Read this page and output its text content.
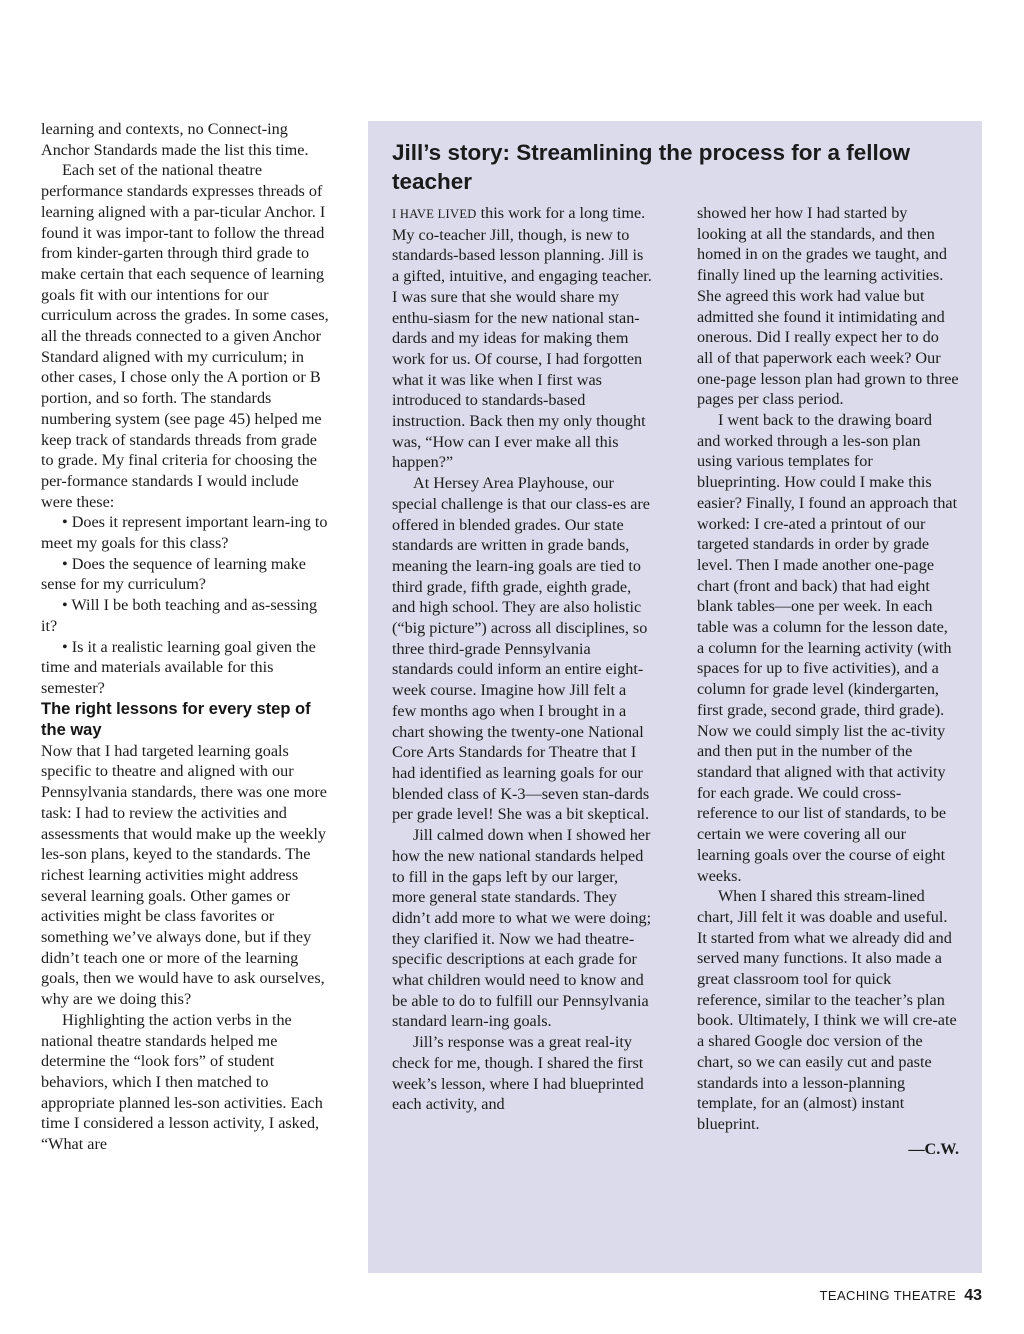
learning and contexts, no Connect-ing Anchor Standards made the list this time.

Each set of the national theatre performance standards expresses threads of learning aligned with a par-ticular Anchor. I found it was impor-tant to follow the thread from kinder-garten through third grade to make certain that each sequence of learning goals fit with our intentions for our curriculum across the grades. In some cases, all the threads connected to a given Anchor Standard aligned with my curriculum; in other cases, I chose only the A portion or B portion, and so forth. The standards numbering system (see page 45) helped me keep track of standards threads from grade to grade. My final criteria for choosing the per-formance standards I would include were these:

• Does it represent important learn-ing to meet my goals for this class?

• Does the sequence of learning make sense for my curriculum?

• Will I be both teaching and as-sessing it?

• Is it a realistic learning goal given the time and materials available for this semester?

The right lessons for every step of the way

Now that I had targeted learning goals specific to theatre and aligned with our Pennsylvania standards, there was one more task: I had to review the activities and assessments that would make up the weekly les-son plans, keyed to the standards. The richest learning activities might address several learning goals. Other games or activities might be class favorites or something we’ve always done, but if they didn’t teach one or more of the learning goals, then we would have to ask ourselves, why are we doing this?

Highlighting the action verbs in the national theatre standards helped me determine the “look fors” of student behaviors, which I then matched to appropriate planned les-son activities. Each time I considered a lesson activity, I asked, “What are

Jill’s story: Streamlining the process for a fellow teacher

I HAVE LIVED this work for a long time. My co-teacher Jill, though, is new to standards-based lesson planning. Jill is a gifted, intuitive, and engaging teacher. I was sure that she would share my enthu-siasm for the new national stan-dards and my ideas for making them work for us. Of course, I had forgotten what it was like when I first was introduced to standards-based instruction. Back then my only thought was, “How can I ever make all this happen?”

At Hersey Area Playhouse, our special challenge is that our class-es are offered in blended grades. Our state standards are written in grade bands, meaning the learn-ing goals are tied to third grade, fifth grade, eighth grade, and high school. They are also holistic (“big picture”) across all disciplines, so three third-grade Pennsylvania standards could inform an entire eight-week course. Imagine how Jill felt a few months ago when I brought in a chart showing the twenty-one National Core Arts Standards for Theatre that I had identified as learning goals for our blended class of K-3—seven stan-dards per grade level! She was a bit skeptical.

Jill calmed down when I showed her how the new national standards helped to fill in the gaps left by our larger, more general state standards. They didn’t add more to what we were doing; they clarified it. Now we had theatre-specific descriptions at each grade for what children would need to know and be able to do to fulfill our Pennsylvania standard learn-ing goals.

Jill’s response was a great real-ity check for me, though. I shared the first week’s lesson, where I had blueprinted each activity, and

showed her how I had started by looking at all the standards, and then homed in on the grades we taught, and finally lined up the learning activities. She agreed this work had value but admitted she found it intimidating and onerous. Did I really expect her to do all of that paperwork each week? Our one-page lesson plan had grown to three pages per class period.

I went back to the drawing board and worked through a les-son plan using various templates for blueprinting. How could I make this easier? Finally, I found an approach that worked: I cre-ated a printout of our targeted standards in order by grade level. Then I made another one-page chart (front and back) that had eight blank tables—one per week. In each table was a column for the lesson date, a column for the learning activity (with spaces for up to five activities), and a column for grade level (kindergarten, first grade, second grade, third grade). Now we could simply list the ac-tivity and then put in the number of the standard that aligned with that activity for each grade. We could cross-reference to our list of standards, to be certain we were covering all our learning goals over the course of eight weeks.

When I shared this stream-lined chart, Jill felt it was doable and useful. It started from what we already did and served many functions. It also made a great classroom tool for quick reference, similar to the teacher’s plan book. Ultimately, I think we will cre-ate a shared Google doc version of the chart, so we can easily cut and paste standards into a lesson-planning template, for an (almost) instant blueprint.

—C.W.

TEACHING THEATRE 43
